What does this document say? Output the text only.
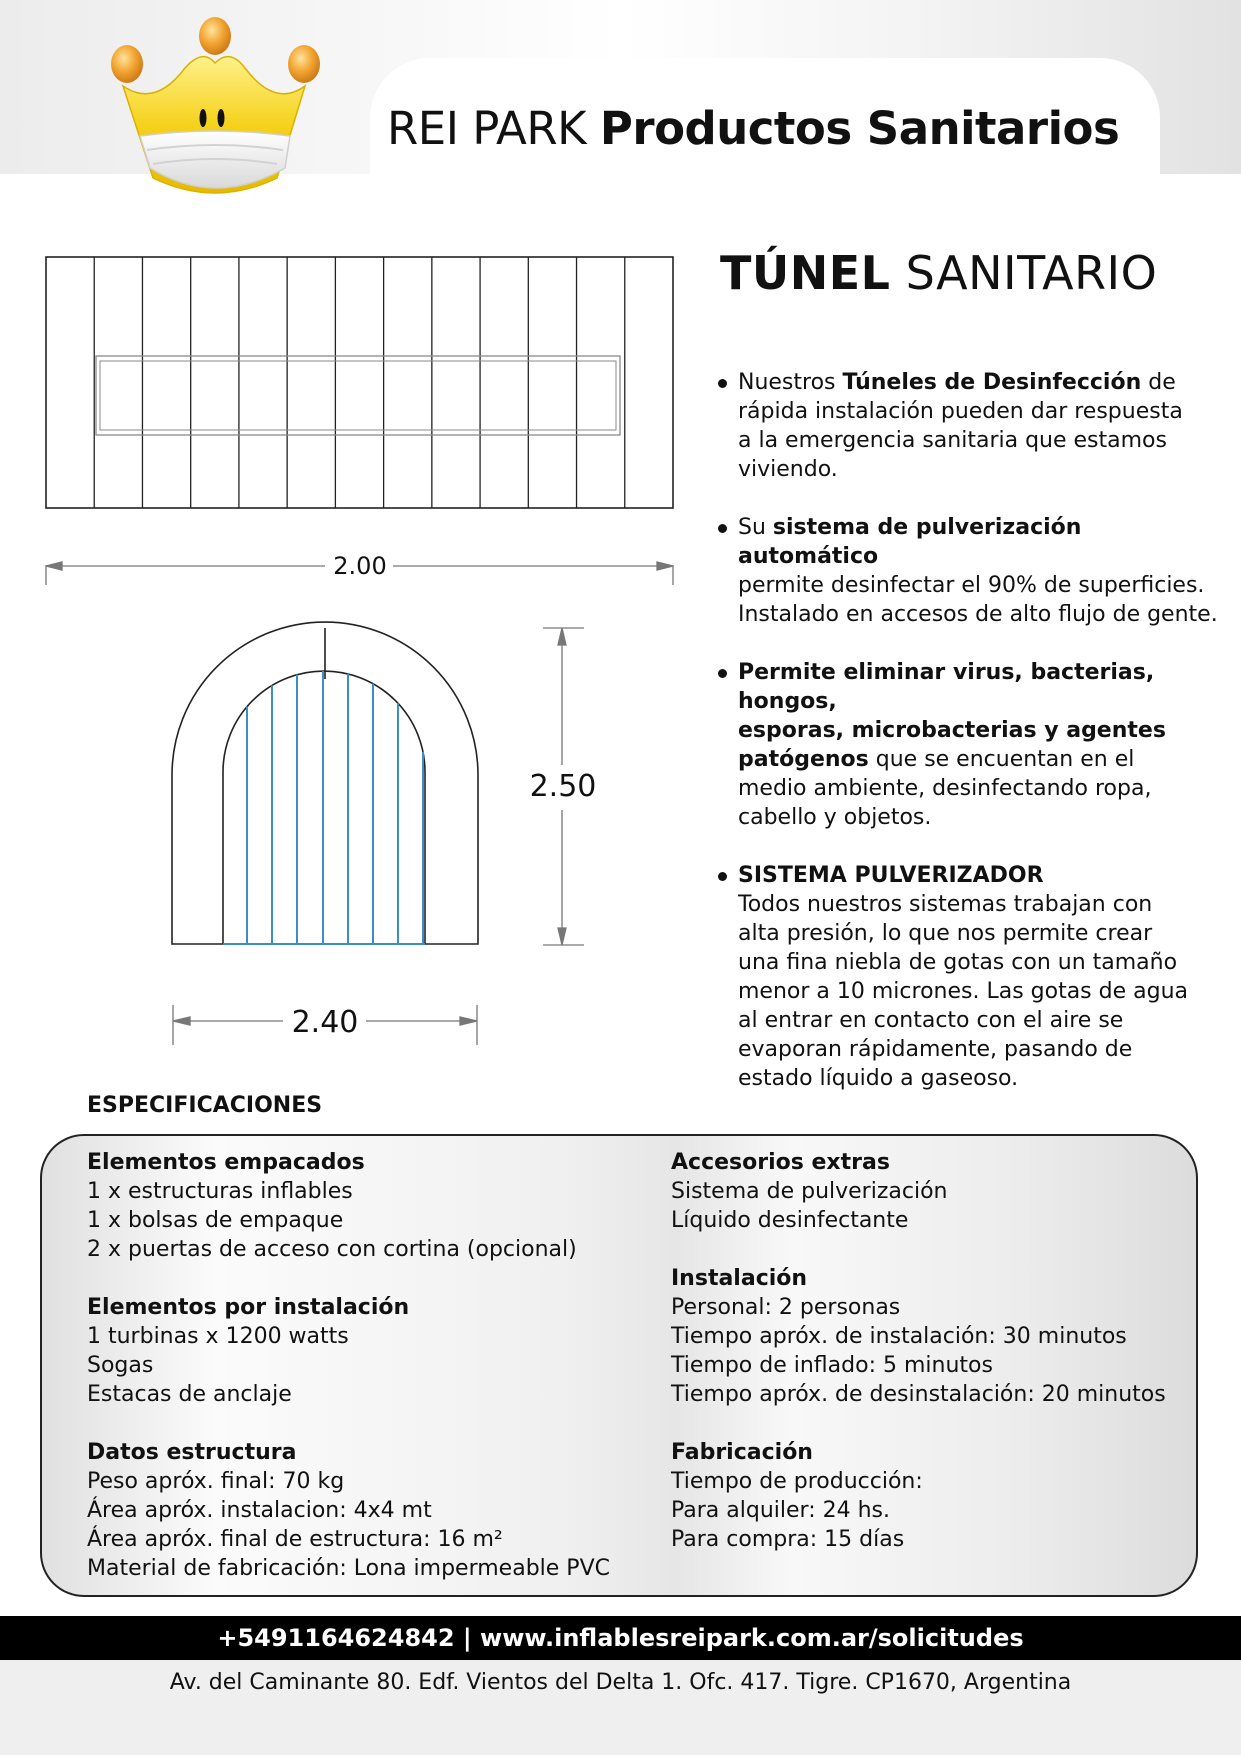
REI PARK Productos Sanitarios
2.00
2.50
2.40
TÚNEL SANITARIO
Nuestros Túneles de Desinfección de
rápida instalación pueden dar respuesta
a la emergencia sanitaria que estamos
viviendo.
Su sistema de pulverización automático
permite desinfectar el 90% de superficies.
Instalado en accesos de alto flujo de gente.
Permite eliminar virus, bacterias, hongos,
esporas, microbacterias y agentes
patógenos que se encuentan en el
medio ambiente, desinfectando ropa,
cabello y objetos.
SISTEMA PULVERIZADOR
Todos nuestros sistemas trabajan con
alta presión, lo que nos permite crear
una fina niebla de gotas con un tamaño
menor a 10 micrones. Las gotas de agua
al entrar en contacto con el aire se
evaporan rápidamente, pasando de
estado líquido a gaseoso.
ESPECIFICACIONES
Elementos empacados
1 x estructuras inflables
1 x bolsas de empaque
2 x puertas de acceso con cortina (opcional)
Elementos por instalación
1 turbinas x 1200 watts
Sogas
Estacas de anclaje
Datos estructura
Peso apróx. final: 70 kg
Área apróx. instalacion: 4x4 mt
Área apróx. final de estructura: 16 m²
Material de fabricación: Lona impermeable PVC
Accesorios extras
Sistema de pulverización
Líquido desinfectante
Instalación
Personal: 2 personas
Tiempo apróx. de instalación: 30 minutos
Tiempo de inflado: 5 minutos
Tiempo apróx. de desinstalación: 20 minutos
Fabricación
Tiempo de producción:
Para alquiler: 24 hs.
Para compra: 15 días
+5491164624842 | www.inflablesreipark.com.ar/solicitudes
Av. del Caminante 80. Edf. Vientos del Delta 1. Ofc. 417. Tigre. CP1670, Argentina
